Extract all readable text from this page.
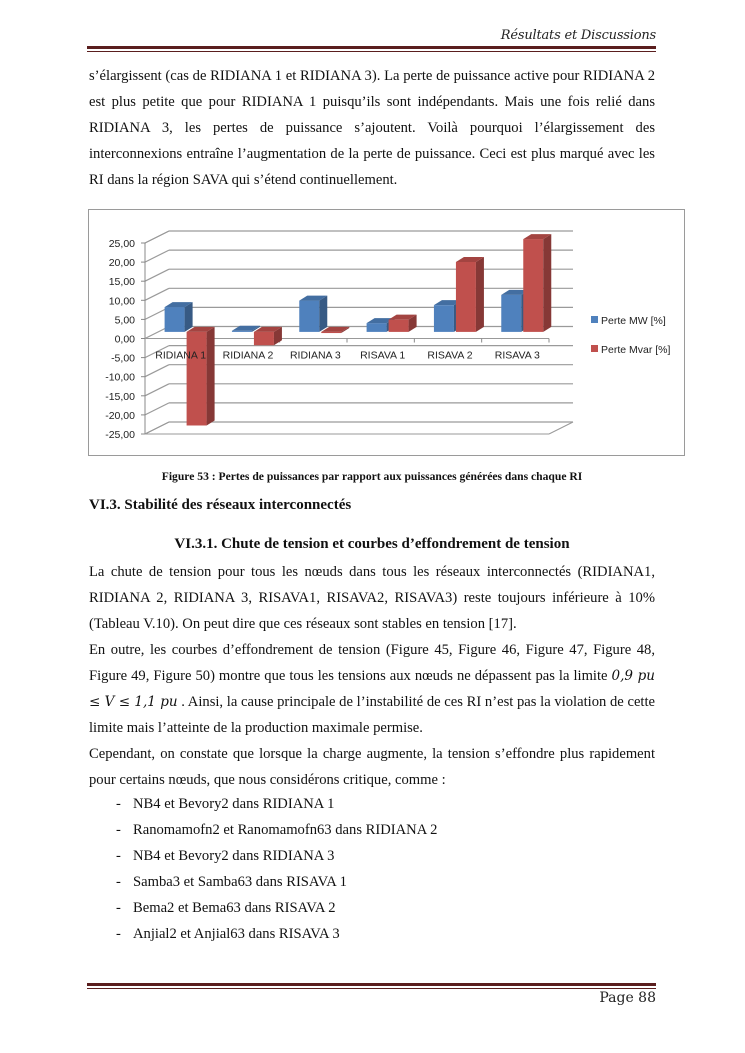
Résultats et Discussions

s’élargissent (cas de RIDIANA 1 et RIDIANA 3). La perte de puissance active pour RIDIANA 2 est plus petite que pour RIDIANA 1 puisqu’ils sont indépendants. Mais une fois relié dans RIDIANA 3, les pertes de puissance s’ajoutent. Voilà pourquoi l’élargissement des interconnexions entraîne l’augmentation de la perte de puissance. Ceci est plus marqué avec les RI dans la région SAVA qui s’étend continuellement.

25,00
20,00
15,00
10,00
5,00
0,00
-5,00
-10,00
-15,00
-20,00
-25,00
RIDIANA 1 RIDIANA 2 RIDIANA 3 RISAVA 1 RISAVA 2 RISAVA 3
Perte MW [%]
Perte Mvar [%]
Figure 53 : Pertes de puissances par rapport aux puissances générées dans chaque RI
VI.3. Stabilité des réseaux interconnectés
VI.3.1. Chute de tension et courbes d’effondrement de tension

La chute de tension pour tous les nœuds dans tous les réseaux interconnectés (RIDIANA1, RIDIANA 2, RIDIANA 3, RISAVA1, RISAVA2, RISAVA3) reste toujours inférieure à 10% (Tableau V.10). On peut dire que ces réseaux sont stables en tension [17].

En outre, les courbes d’effondrement de tension (Figure 45, Figure 46, Figure 47, Figure 48, Figure 49, Figure 50) montre que tous les tensions aux nœuds ne dépassent pas la limite 0,9 pu ≤ V ≤ 1,1 pu . Ainsi, la cause principale de l’instabilité de ces RI n’est pas la violation de cette limite mais l’atteinte de la production maximale permise.

Cependant, on constate que lorsque la charge augmente, la tension s’effondre plus rapidement pour certains nœuds, que nous considérons critique, comme :

- NB4 et Bevory2 dans RIDIANA 1
- Ranomamofn2 et Ranomamofn63 dans RIDIANA 2
- NB4 et Bevory2 dans RIDIANA 3
- Samba3 et Samba63 dans RISAVA 1
- Bema2 et Bema63 dans RISAVA 2
- Anjial2 et Anjial63 dans RISAVA 3
Page 88
